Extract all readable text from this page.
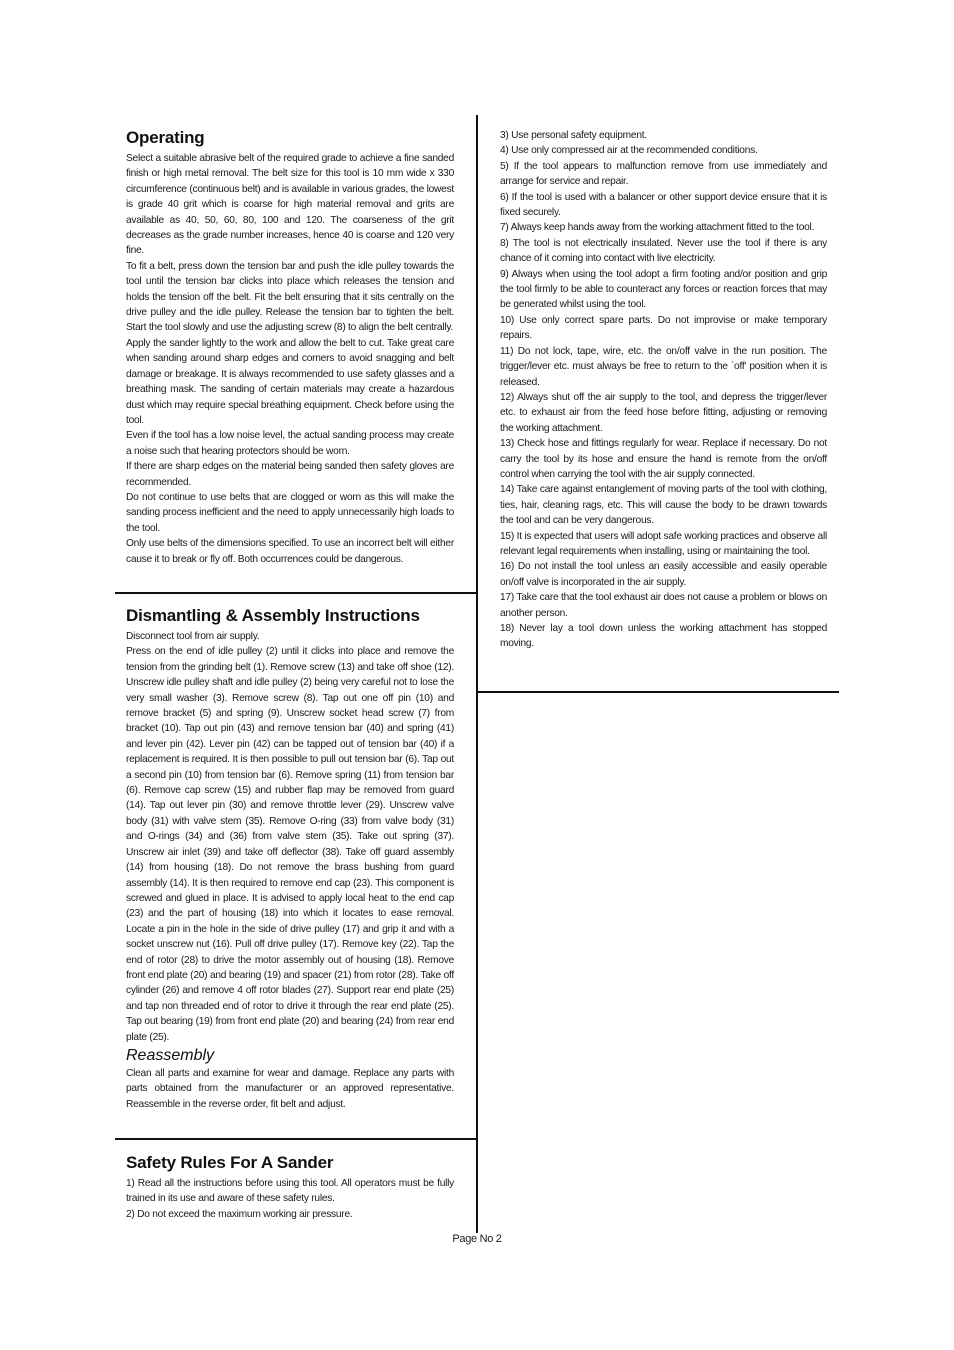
Operating

Select a suitable abrasive belt of the required grade to achieve a fine sanded finish or high metal removal. The belt size for this tool is 10 mm wide x 330 circumference (continuous belt) and is available in various grades, the lowest is grade 40 grit which is coarse for high material removal and grits are available as 40, 50, 60, 80, 100 and 120. The coarseness of the grit decreases as the grade number increases, hence 40 is coarse and 120 very fine.

To fit a belt, press down the tension bar and push the idle pulley towards the tool until the tension bar clicks into place which releases the tension and holds the tension off the belt. Fit the belt ensuring that it sits centrally on the drive pulley and the idle pulley. Release the tension bar to tighten the belt. Start the tool slowly and use the adjusting screw (8) to align the belt centrally.

Apply the sander lightly to the work and allow the belt to cut. Take great care when sanding around sharp edges and corners to avoid snagging and belt damage or breakage. It is always recommended to use safety glasses and a breathing mask. The sanding of certain materials may create a hazardous dust which may require special breathing equipment. Check before using the tool.

Even if the tool has a low noise level, the actual sanding process may create a noise such that hearing protectors should be worn.

If there are sharp edges on the material being sanded then safety gloves are recommended.

Do not continue to use belts that are clogged or worn as this will make the sanding process inefficient and the need to apply unnecessarily high loads to the tool.

Only use belts of the dimensions specified. To use an incorrect belt will either cause it to break or fly off. Both occurrences could be dangerous.

Dismantling & Assembly Instructions

Disconnect tool from air supply.

Press on the end of idle pulley (2) until it clicks into place and remove the tension from the grinding belt (1). Remove screw (13) and take off shoe (12). Unscrew idle pulley shaft and idle pulley (2) being very careful not to lose the very small washer (3). Remove screw (8). Tap out one off pin (10) and remove bracket (5) and spring (9). Unscrew socket head screw (7) from bracket (10). Tap out pin (43) and remove tension bar (40) and spring (41) and lever pin (42). Lever pin (42) can be tapped out of tension bar (40) if a replacement is required. It is then possible to pull out tension bar (6). Tap out a second pin (10) from tension bar (6). Remove spring (11) from tension bar (6). Remove cap screw (15) and rubber flap may be removed from guard (14). Tap out lever pin (30) and remove throttle lever (29). Unscrew valve body (31) with valve stem (35). Remove O-ring (33) from valve body (31) and O-rings (34) and (36) from valve stem (35). Take out spring (37). Unscrew air inlet (39) and take off deflector (38). Take off guard assembly (14) from housing (18). Do not remove the brass bushing from guard assembly (14). It is then required to remove end cap (23). This component is screwed and glued in place. It is advised to apply local heat to the end cap (23) and the part of housing (18) into which it locates to ease removal. Locate a pin in the hole in the side of drive pulley (17) and grip it and with a socket unscrew nut (16). Pull off drive pulley (17). Remove key (22). Tap the end of rotor (28) to drive the motor assembly out of housing (18). Remove front end plate (20) and bearing (19) and spacer (21) from rotor (28). Take off cylinder (26) and remove 4 off rotor blades (27). Support rear end plate (25) and tap non threaded end of rotor to drive it through the rear end plate (25). Tap out bearing (19) from front end plate (20) and bearing (24) from rear end plate (25).

Reassembly

Clean all parts and examine for wear and damage. Replace any parts with parts obtained from the manufacturer or an approved representative. Reassemble in the reverse order, fit belt and adjust.

Safety Rules For A Sander

1) Read all the instructions before using this tool. All operators must be fully trained in its use and aware of these safety rules.

2) Do not exceed the maximum working air pressure.

3) Use personal safety equipment.

4) Use only compressed air at the recommended conditions.

5) If the tool appears to malfunction remove from use immediately and arrange for service and repair.

6) If the tool is used with a balancer or other support device ensure that it is fixed securely.

7) Always keep hands away from the working attachment fitted to the tool.

8) The tool is not electrically insulated. Never use the tool if there is any chance of it coming into contact with live electricity.

9) Always when using the tool adopt a firm footing and/or position and grip the tool firmly to be able to counteract any forces or reaction forces that may be generated whilst using the tool.

10) Use only correct spare parts. Do not improvise or make temporary repairs.

11) Do not lock, tape, wire, etc. the on/off valve in the run position. The trigger/lever etc. must always be free to return to the `off' position when it is released.

12) Always shut off the air supply to the tool, and depress the trigger/lever etc. to exhaust air from the feed hose before fitting, adjusting or removing the working attachment.

13) Check hose and fittings regularly for wear. Replace if necessary. Do not carry the tool by its hose and ensure the hand is remote from the on/off control when carrying the tool with the air supply connected.

14) Take care against entanglement of moving parts of the tool with clothing, ties, hair, cleaning rags, etc. This will cause the body to be drawn towards the tool and can be very dangerous.

15) It is expected that users will adopt safe working practices and observe all relevant legal requirements when installing, using or maintaining the tool.

16) Do not install the tool unless an easily accessible and easily operable on/off valve is incorporated in the air supply.

17) Take care that the tool exhaust air does not cause a problem or blows on another person.

18) Never lay a tool down unless the working attachment has stopped moving.

Page No 2
